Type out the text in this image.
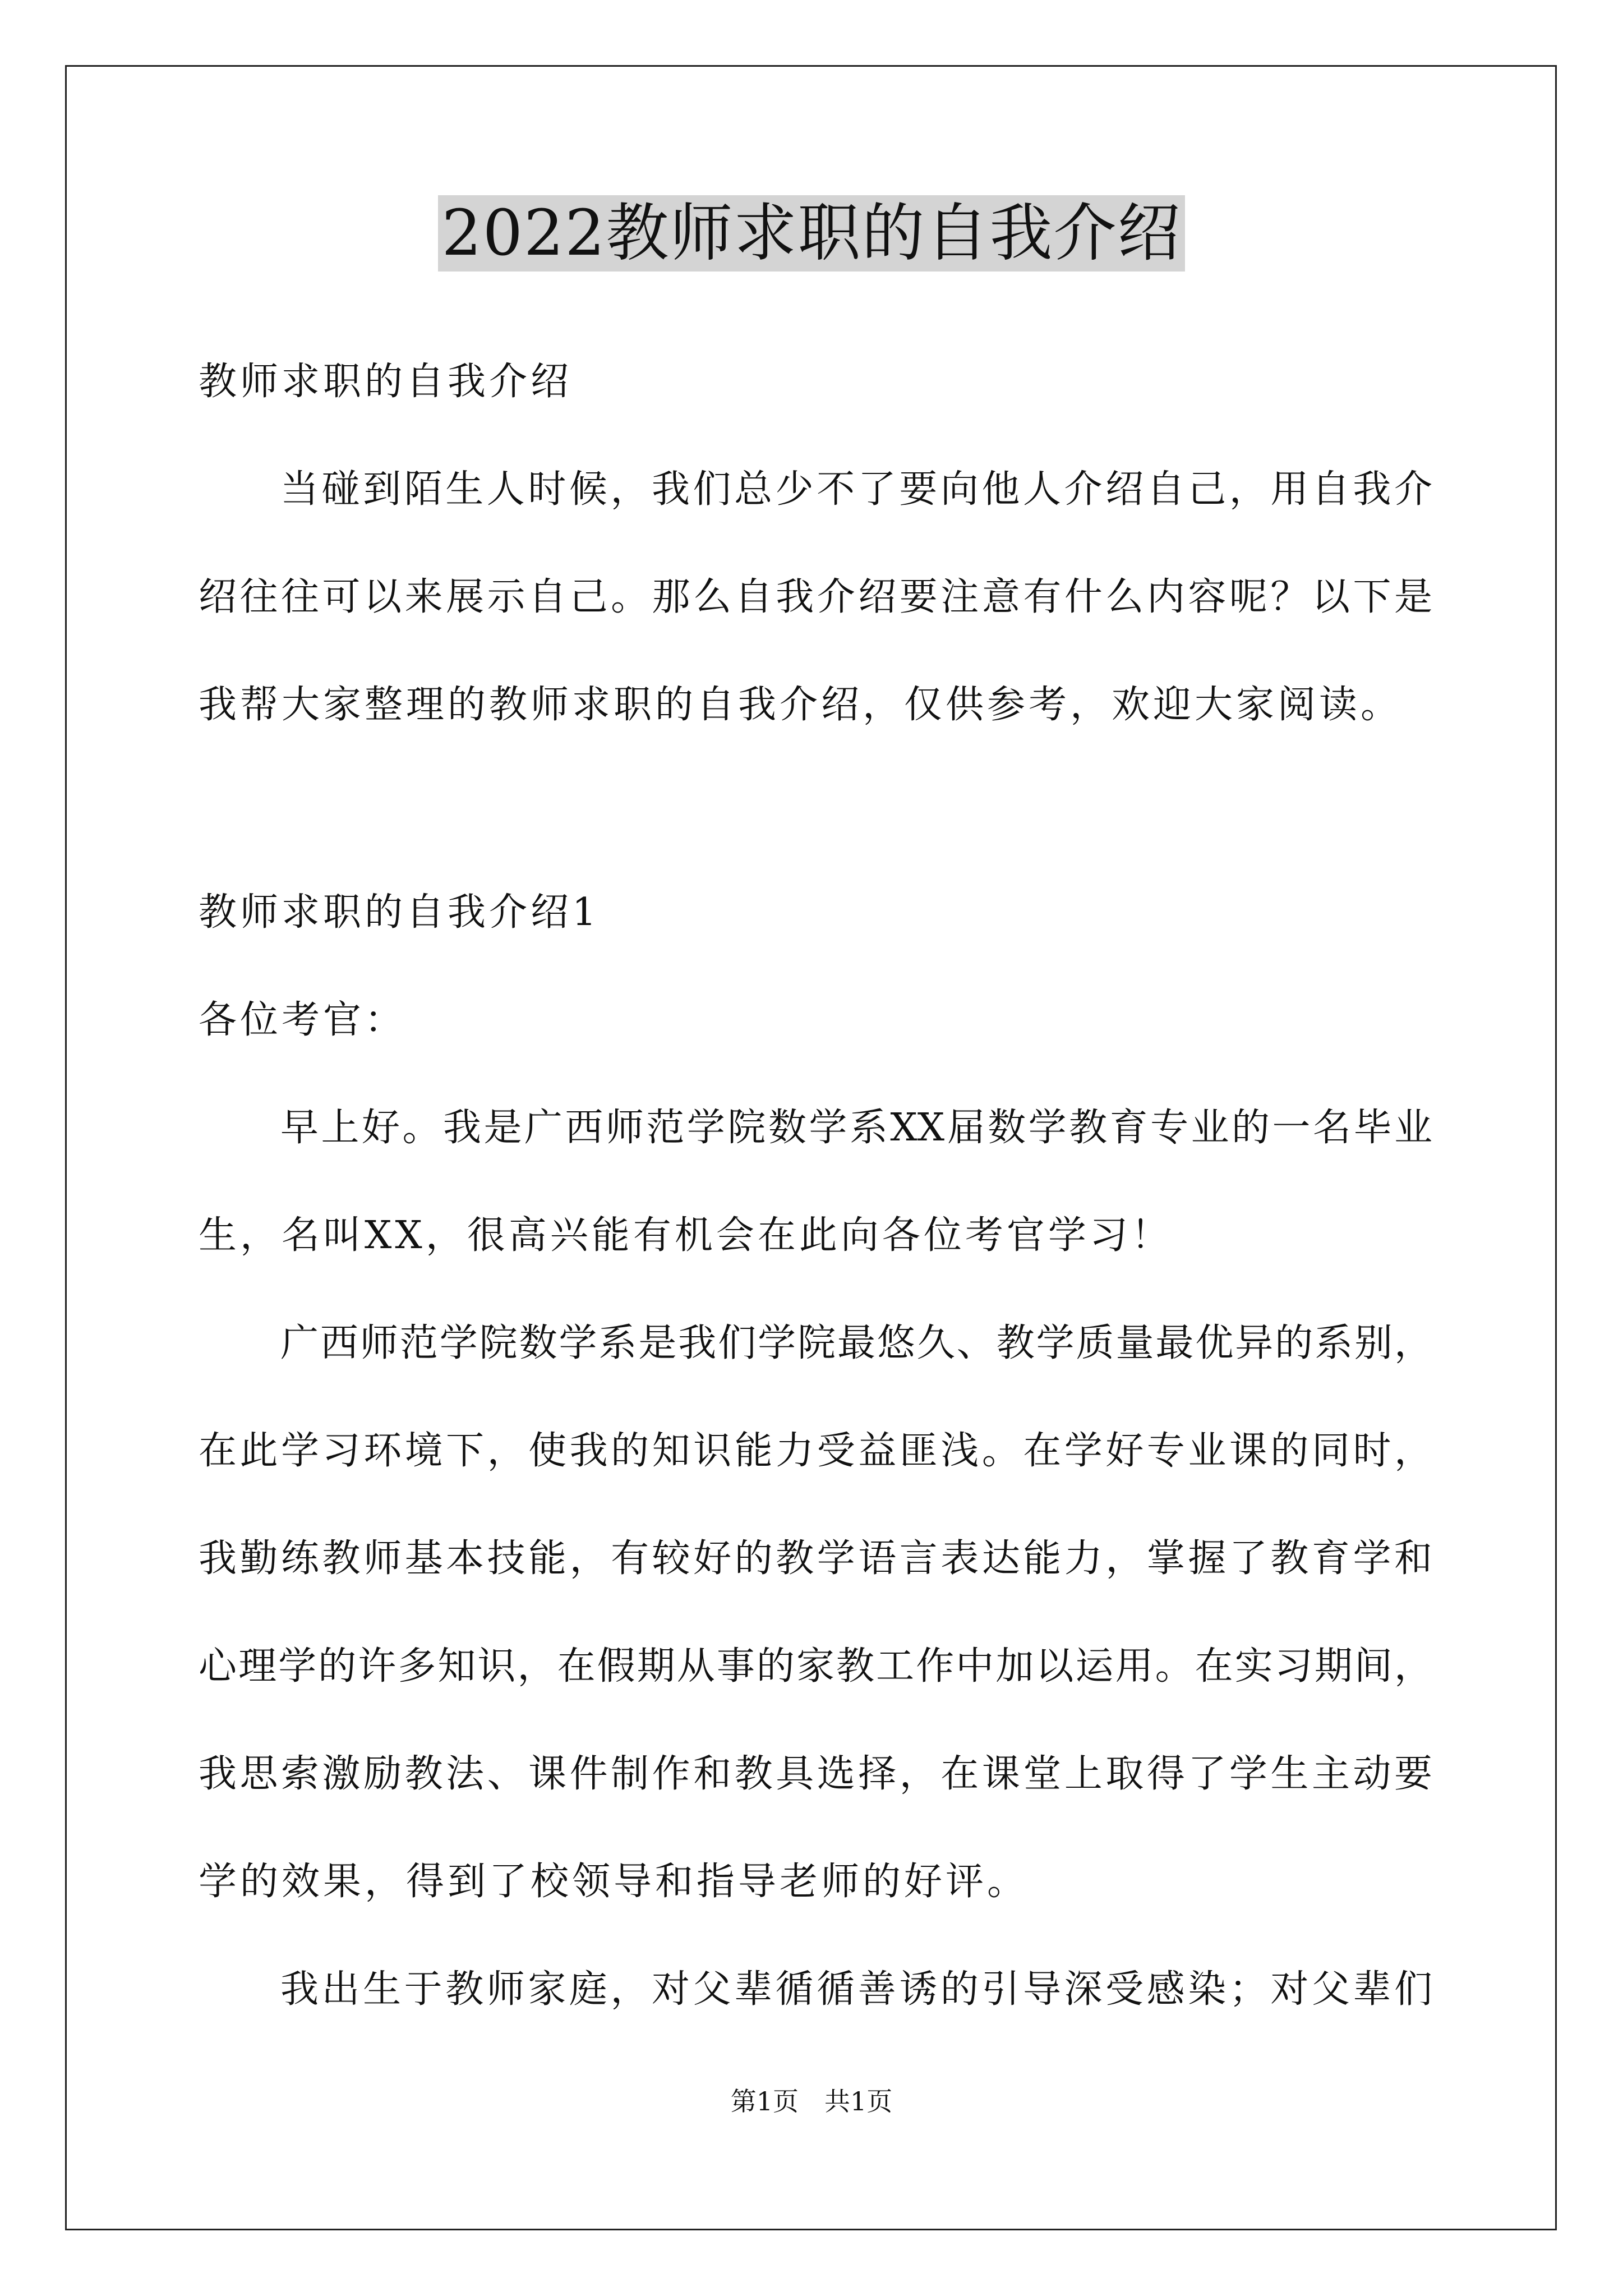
2022教师求职的自我介绍
教师求职的自我介绍
当碰到陌生人时候，我们总少不了要向他人介绍自己，用自我介
绍往往可以来展示自己。那么自我介绍要注意有什么内容呢？以下是
我帮大家整理的教师求职的自我介绍，仅供参考，欢迎大家阅读。
教师求职的自我介绍1
各位考官：
早上好。我是广西师范学院数学系XX届数学教育专业的一名毕业
生，名叫XX，很高兴能有机会在此向各位考官学习！
广西师范学院数学系是我们学院最悠久、教学质量最优异的系别，
在此学习环境下，使我的知识能力受益匪浅。在学好专业课的同时，
我勤练教师基本技能，有较好的教学语言表达能力，掌握了教育学和
心理学的许多知识，在假期从事的家教工作中加以运用。在实习期间，
我思索激励教法、课件制作和教具选择，在课堂上取得了学生主动要
学的效果，得到了校领导和指导老师的好评。
我出生于教师家庭，对父辈循循善诱的引导深受感染；对父辈们
第1页　共1页
